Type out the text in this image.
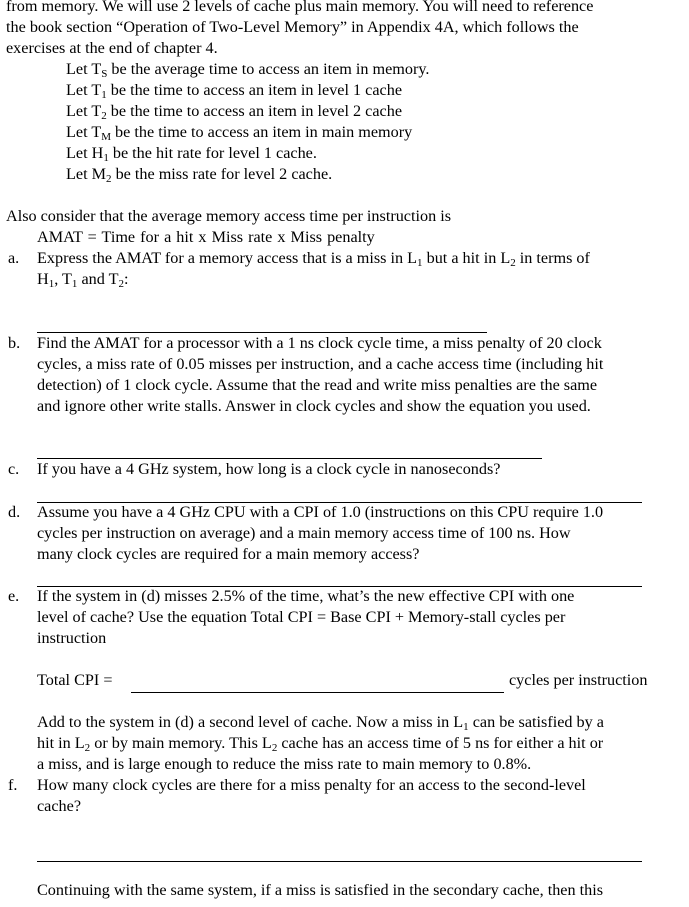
from memory. We will use 2 levels of cache plus main memory. You will need to reference
the book section “Operation of Two-Level Memory” in Appendix 4A, which follows the
exercises at the end of chapter 4.
Let $T_S$ be the average time to access an item in memory.
Let $T_1$ be the time to access an item in level 1 cache
Let $T_2$ be the time to access an item in level 2 cache
Let $T_M$ be the time to access an item in main memory
Let $H_1$ be the hit rate for level 1 cache.
Let $M_2$ be the miss rate for level 2 cache.
Also consider that the average memory access time per instruction is
AMAT = Time for a hit x Miss rate x Miss penalty
a. Express the AMAT for a memory access that is a miss in $L_1$ but a hit in $L_2$ in terms of
$H_1$, $T_1$ and $T_2$:
b. Find the AMAT for a processor with a 1 ns clock cycle time, a miss penalty of 20 clock
cycles, a miss rate of 0.05 misses per instruction, and a cache access time (including hit
detection) of 1 clock cycle. Assume that the read and write miss penalties are the same
and ignore other write stalls. Answer in clock cycles and show the equation you used.
c. If you have a 4 GHz system, how long is a clock cycle in nanoseconds?
d. Assume you have a 4 GHz CPU with a CPI of 1.0 (instructions on this CPU require 1.0
cycles per instruction on average) and a main memory access time of 100 ns. How
many clock cycles are required for a main memory access?
e. If the system in (d) misses 2.5% of the time, what’s the new effective CPI with one
level of cache? Use the equation Total CPI = Base CPI + Memory-stall cycles per
instruction
Total CPI =	cycles per instruction
Add to the system in (d) a second level of cache. Now a miss in $L_1$ can be satisfied by a
hit in $L_2$ or by main memory. This $L_2$ cache has an access time of 5 ns for either a hit or
a miss, and is large enough to reduce the miss rate to main memory to 0.8%.
f. How many clock cycles are there for a miss penalty for an access to the second-level
cache?
Continuing with the same system, if a miss is satisfied in the secondary cache, then this
